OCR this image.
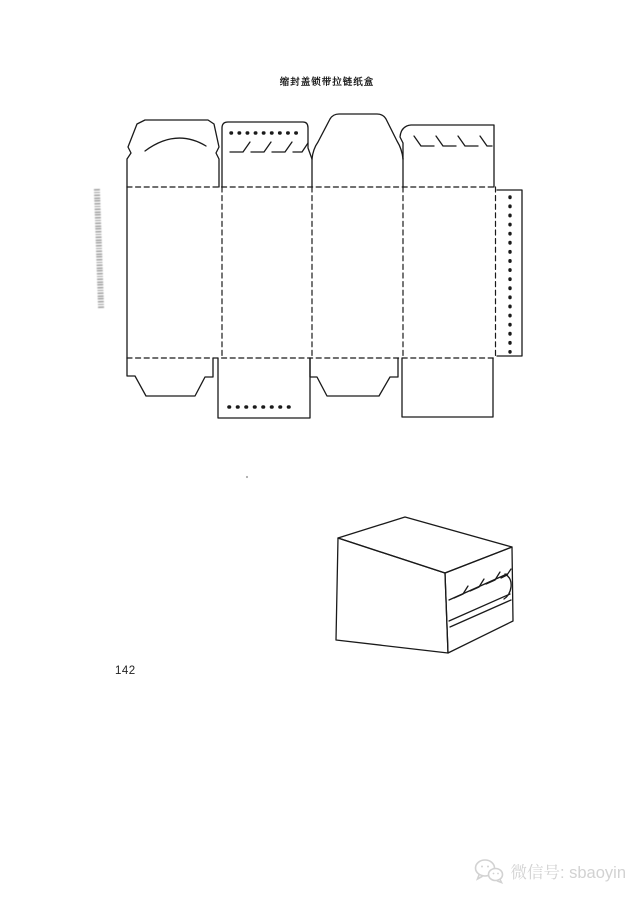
缩封盖锁带拉链纸盒
142
微信号: sbaoyin
